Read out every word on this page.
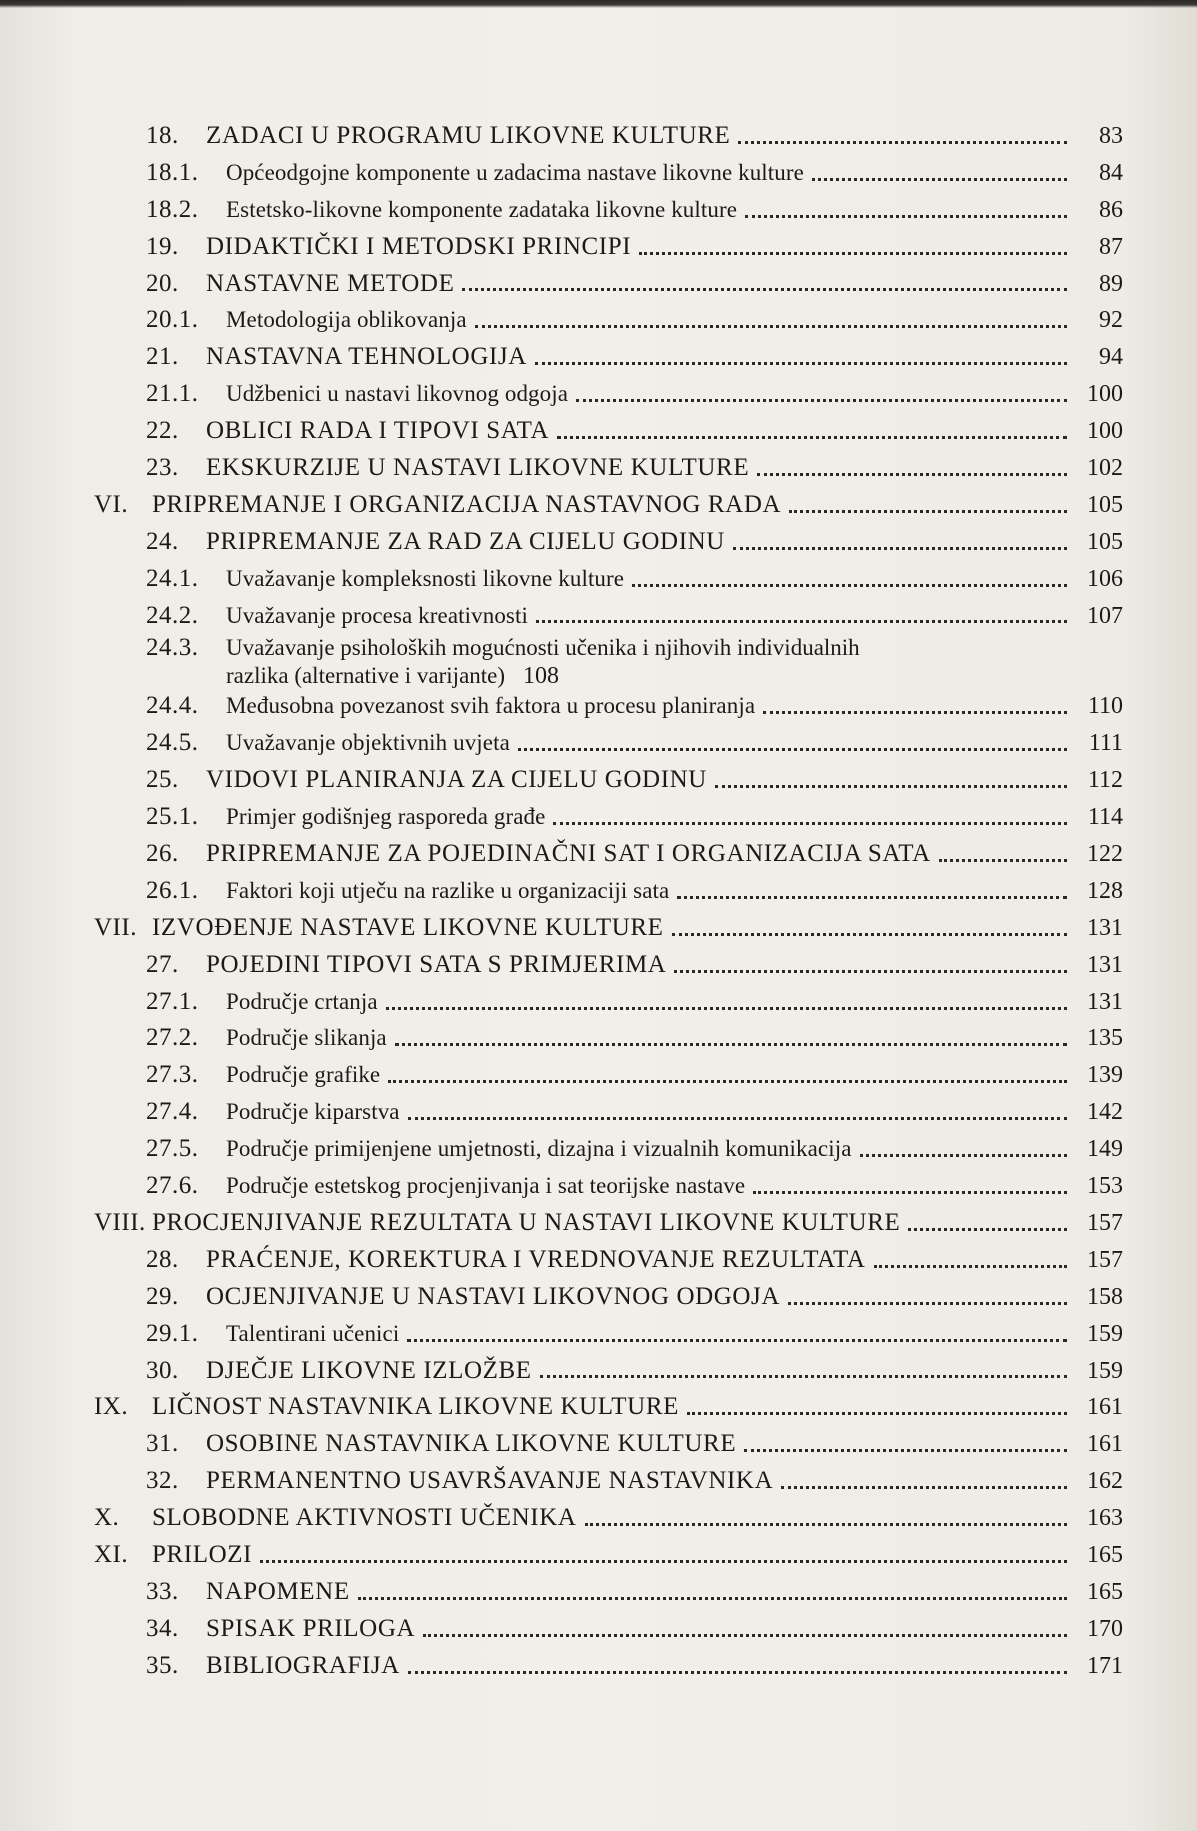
18.	ZADACI U PROGRAMU LIKOVNE KULTURE	83
18.1.	Općeodgojne komponente u zadacima nastave likovne kulture	84
18.2.	Estetsko-likovne komponente zadataka likovne kulture	86
19.	DIDAKTIČKI I METODSKI PRINCIPI	87
20.	NASTAVNE METODE	89
20.1.	Metodologija oblikovanja	92
21.	NASTAVNA TEHNOLOGIJA	94
21.1.	Udžbenici u nastavi likovnog odgoja	100
22.	OBLICI RADA I TIPOVI SATA	100
23.	EKSKURZIJE U NASTAVI LIKOVNE KULTURE	102
VI. PRIPREMANJE I ORGANIZACIJA NASTAVNOG RADA	105
24.	PRIPREMANJE ZA RAD ZA CIJELU GODINU	105
24.1.	Uvažavanje kompleksnosti likovne kulture	106
24.2.	Uvažavanje procesa kreativnosti	107
24.3.	Uvažavanje psiholoških mogućnosti učenika i njihovih individualnih
razlika (alternative i varijante) 108
24.4.	Međusobna povezanost svih faktora u procesu planiranja	110
24.5.	Uvažavanje objektivnih uvjeta	111
25.	VIDOVI PLANIRANJA ZA CIJELU GODINU	112
25.1.	Primjer godišnjeg rasporeda građe	114
26.	PRIPREMANJE ZA POJEDINAČNI SAT I ORGANIZACIJA SATA	122
26.1.	Faktori koji utječu na razlike u organizaciji sata	128
VII. IZVOĐENJE NASTAVE LIKOVNE KULTURE	131
27.	POJEDINI TIPOVI SATA S PRIMJERIMA	131
27.1.	Područje crtanja	131
27.2.	Područje slikanja	135
27.3.	Područje grafike	139
27.4.	Područje kiparstva	142
27.5.	Područje primijenjene umjetnosti, dizajna i vizualnih komunikacija	149
27.6.	Područje estetskog procjenjivanja i sat teorijske nastave	153
VIII. PROCJENJIVANJE REZULTATA U NASTAVI LIKOVNE KULTURE	157
28.	PRAĆENJE, KOREKTURA I VREDNOVANJE REZULTATA	157
29.	OCJENJIVANJE U NASTAVI LIKOVNOG ODGOJA	158
29.1.	Talentirani učenici	159
30.	DJEČJE LIKOVNE IZLOŽBE	159
IX. LIČNOST NASTAVNIKA LIKOVNE KULTURE	161
31.	OSOBINE NASTAVNIKA LIKOVNE KULTURE	161
32.	PERMANENTNO USAVRŠAVANJE NASTAVNIKA	162
X.	SLOBODNE AKTIVNOSTI UČENIKA	163
XI. PRILOZI	165
33.	NAPOMENE	165
34.	SPISAK PRILOGA	170
35.	BIBLIOGRAFIJA	171
